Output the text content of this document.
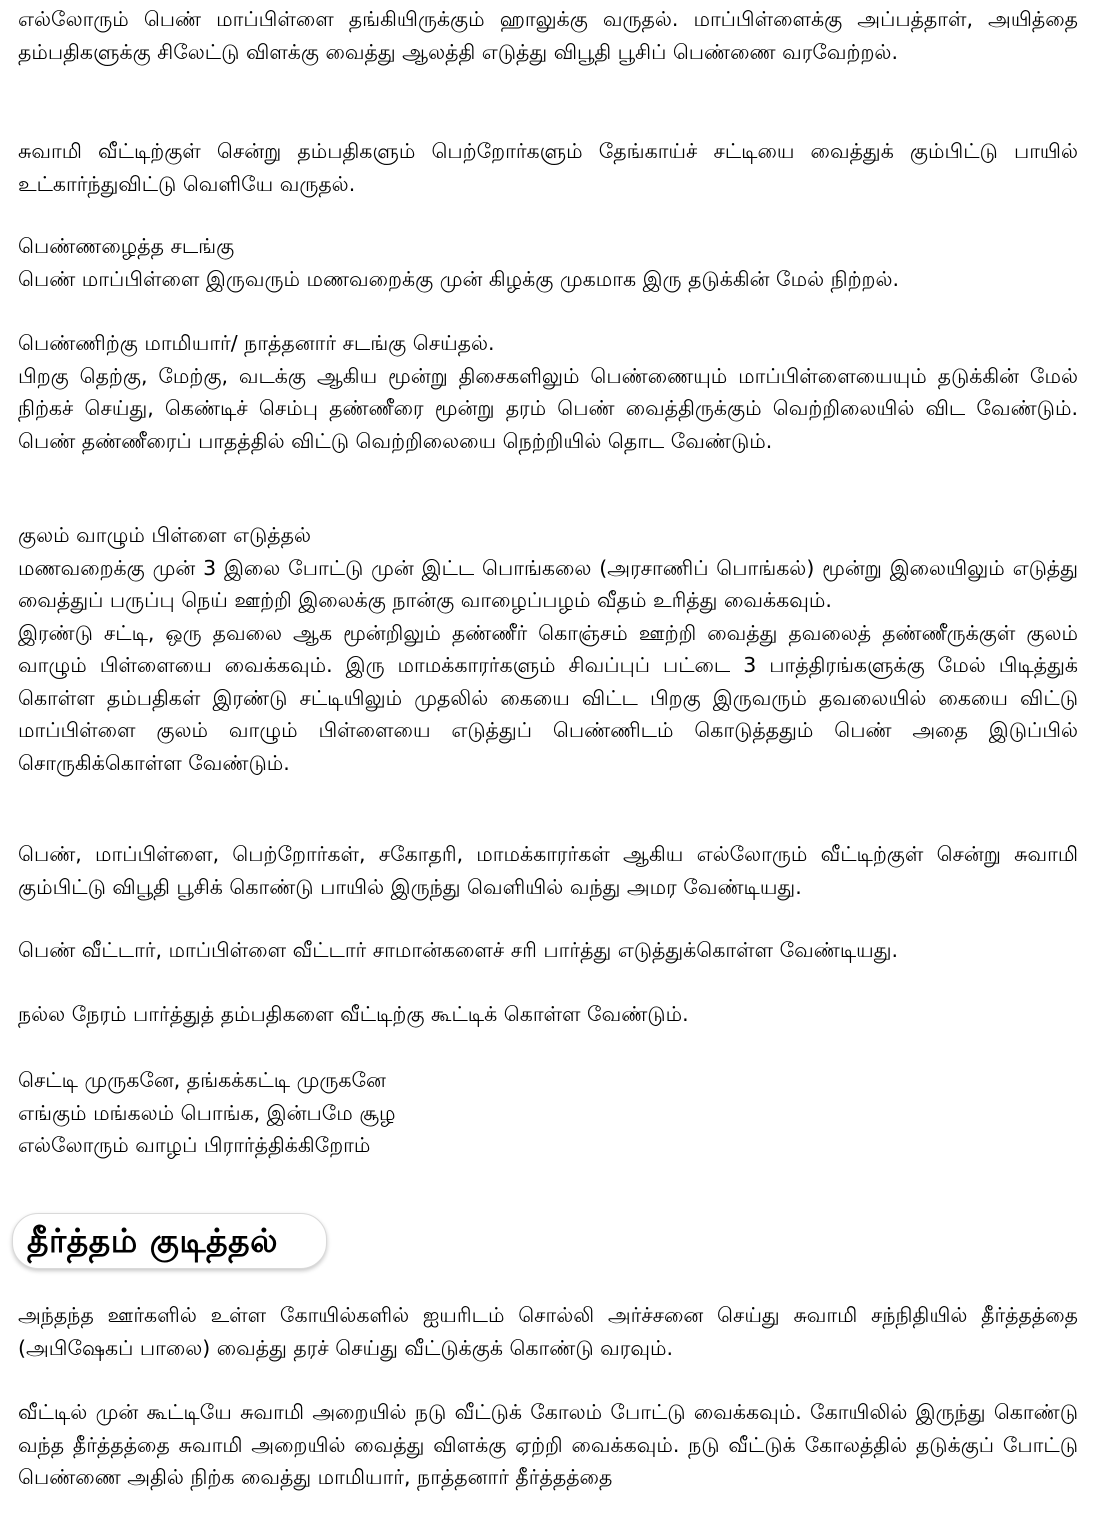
எல்லோரும் பெண் மாப்பிள்ளை தங்கியிருக்கும் ஹாலுக்கு வருதல். மாப்பிள்ளைக்கு அப்பத்தாள், அயித்தை தம்பதிகளுக்கு சிலேட்டு விளக்கு வைத்து ஆலத்தி எடுத்து விபூதி பூசிப் பெண்ணை வரவேற்றல்.

சுவாமி வீட்டிற்குள் சென்று தம்பதிகளும் பெற்றோர்களும் தேங்காய்ச் சட்டியை வைத்துக் கும்பிட்டு பாயில் உட்கார்ந்துவிட்டு வெளியே வருதல்.

பெண்ணழைத்த சடங்கு

பெண் மாப்பிள்ளை இருவரும் மணவறைக்கு முன் கிழக்கு முகமாக இரு தடுக்கின் மேல் நிற்றல்.

பெண்ணிற்கு மாமியார்/ நாத்தனார் சடங்கு செய்தல்.

பிறகு தெற்கு, மேற்கு, வடக்கு ஆகிய மூன்று திசைகளிலும் பெண்ணையும் மாப்பிள்ளையையும் தடுக்கின் மேல் நிற்கச் செய்து, கெண்டிச் செம்பு தண்ணீரை மூன்று தரம் பெண் வைத்திருக்கும் வெற்றிலையில் விட வேண்டும். பெண் தண்ணீரைப் பாதத்தில் விட்டு வெற்றிலையை நெற்றியில் தொட வேண்டும்.

குலம் வாழும் பிள்ளை எடுத்தல்

மணவறைக்கு முன் 3 இலை போட்டு முன் இட்ட பொங்கலை (அரசாணிப் பொங்கல்) மூன்று இலையிலும் எடுத்து வைத்துப் பருப்பு நெய் ஊற்றி இலைக்கு நான்கு வாழைப்பழம் வீதம் உரித்து வைக்கவும்.

இரண்டு சட்டி, ஒரு தவலை ஆக மூன்றிலும் தண்ணீர் கொஞ்சம் ஊற்றி வைத்து தவலைத் தண்ணீருக்குள் குலம் வாழும் பிள்ளையை வைக்கவும். இரு மாமக்காரர்களும் சிவப்புப் பட்டை 3 பாத்திரங்களுக்கு மேல் பிடித்துக் கொள்ள தம்பதிகள் இரண்டு சட்டியிலும் முதலில் கையை விட்ட பிறகு இருவரும் தவலையில் கையை விட்டு மாப்பிள்ளை குலம் வாழும் பிள்ளையை எடுத்துப் பெண்ணிடம் கொடுத்ததும் பெண் அதை இடுப்பில் சொருகிக்கொள்ள வேண்டும்.

பெண், மாப்பிள்ளை, பெற்றோர்கள், சகோதரி, மாமக்காரர்கள் ஆகிய எல்லோரும் வீட்டிற்குள் சென்று சுவாமி கும்பிட்டு விபூதி பூசிக் கொண்டு பாயில் இருந்து வெளியில் வந்து அமர வேண்டியது.

பெண் வீட்டார், மாப்பிள்ளை வீட்டார் சாமான்களைச் சரி பார்த்து எடுத்துக்கொள்ள வேண்டியது.

நல்ல நேரம் பார்த்துத் தம்பதிகளை வீட்டிற்கு கூட்டிக் கொள்ள வேண்டும்.

செட்டி முருகனே, தங்கக்கட்டி முருகனே

எங்கும் மங்கலம் பொங்க, இன்பமே சூழ

எல்லோரும் வாழப் பிரார்த்திக்கிறோம்

தீர்த்தம் குடித்தல்

அந்தந்த ஊர்களில் உள்ள கோயில்களில் ஐயரிடம் சொல்லி அர்ச்சனை செய்து சுவாமி சந்நிதியில் தீர்த்தத்தை (அபிஷேகப் பாலை) வைத்து தரச் செய்து வீட்டுக்குக் கொண்டு வரவும்.

வீட்டில் முன் கூட்டியே சுவாமி அறையில் நடு வீட்டுக் கோலம் போட்டு வைக்கவும். கோயிலில் இருந்து கொண்டு வந்த தீர்த்தத்தை சுவாமி அறையில் வைத்து விளக்கு ஏற்றி வைக்கவும். நடு வீட்டுக் கோலத்தில் தடுக்குப் போட்டு பெண்ணை அதில் நிற்க வைத்து மாமியார், நாத்தனார் தீர்த்தத்தை
